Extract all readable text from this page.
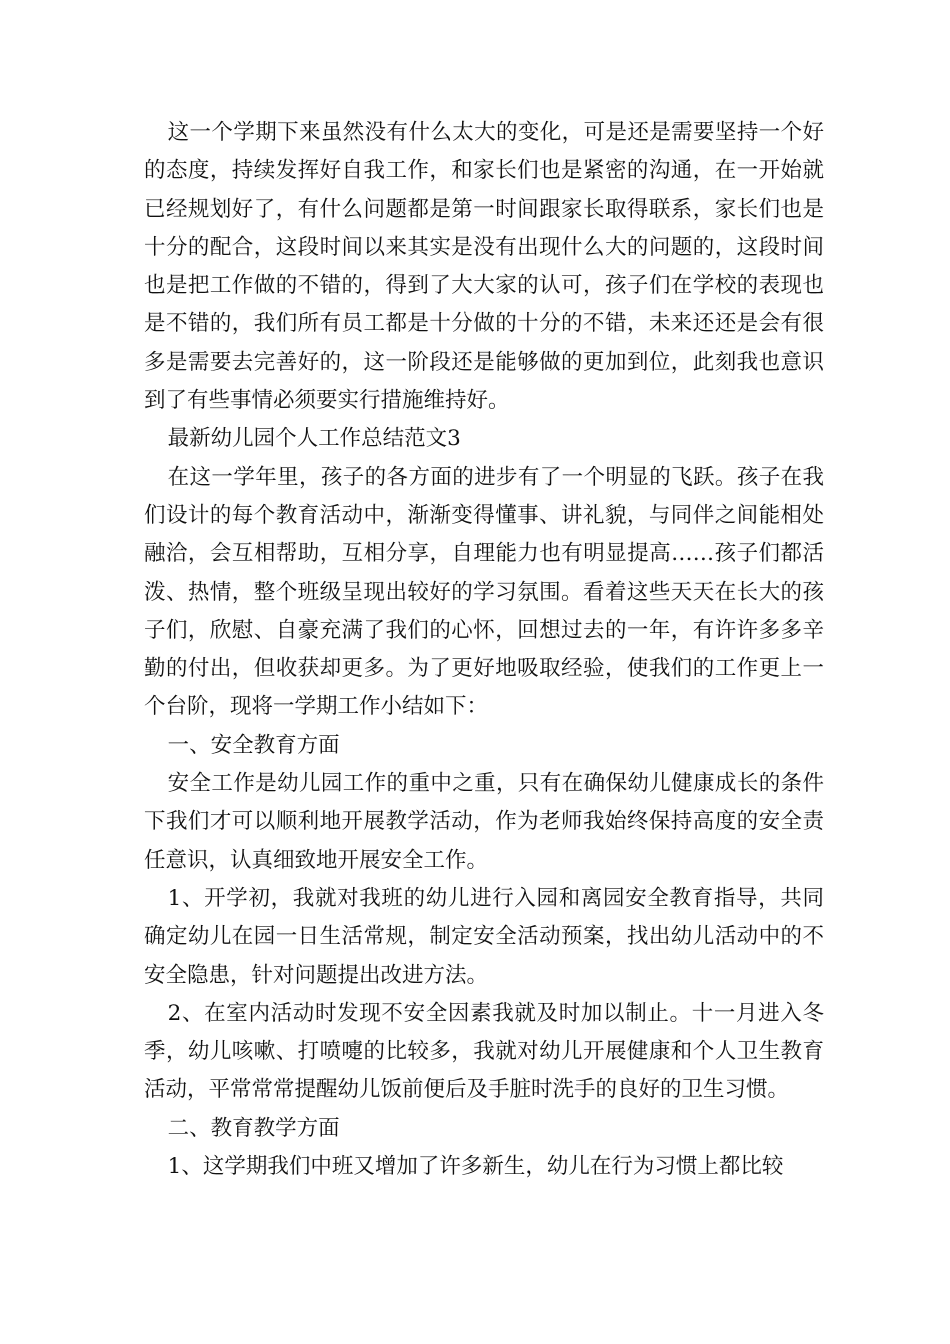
这一个学期下来虽然没有什么太大的变化，可是还是需要坚持一个好的态度，持续发挥好自我工作，和家长们也是紧密的沟通，在一开始就已经规划好了，有什么问题都是第一时间跟家长取得联系，家长们也是十分的配合，这段时间以来其实是没有出现什么大的问题的，这段时间也是把工作做的不错的，得到了大大家的认可，孩子们在学校的表现也是不错的，我们所有员工都是十分做的十分的不错，未来还还是会有很多是需要去完善好的，这一阶段还是能够做的更加到位，此刻我也意识到了有些事情必须要实行措施维持好。

最新幼儿园个人工作总结范文3

在这一学年里，孩子的各方面的进步有了一个明显的飞跃。孩子在我们设计的每个教育活动中，渐渐变得懂事、讲礼貌，与同伴之间能相处融洽，会互相帮助，互相分享，自理能力也有明显提高……孩子们都活泼、热情，整个班级呈现出较好的学习氛围。看着这些天天在长大的孩子们，欣慰、自豪充满了我们的心怀，回想过去的一年，有许许多多辛勤的付出，但收获却更多。为了更好地吸取经验，使我们的工作更上一个台阶，现将一学期工作小结如下：

一、安全教育方面

安全工作是幼儿园工作的重中之重，只有在确保幼儿健康成长的条件下我们才可以顺利地开展教学活动，作为老师我始终保持高度的安全责任意识，认真细致地开展安全工作。

1、开学初，我就对我班的幼儿进行入园和离园安全教育指导，共同确定幼儿在园一日生活常规，制定安全活动预案，找出幼儿活动中的不安全隐患，针对问题提出改进方法。

2、在室内活动时发现不安全因素我就及时加以制止。十一月进入冬季，幼儿咳嗽、打喷嚏的比较多，我就对幼儿开展健康和个人卫生教育活动，平常常常提醒幼儿饭前便后及手脏时洗手的良好的卫生习惯。

二、教育教学方面

1、这学期我们中班又增加了许多新生，幼儿在行为习惯上都比较
